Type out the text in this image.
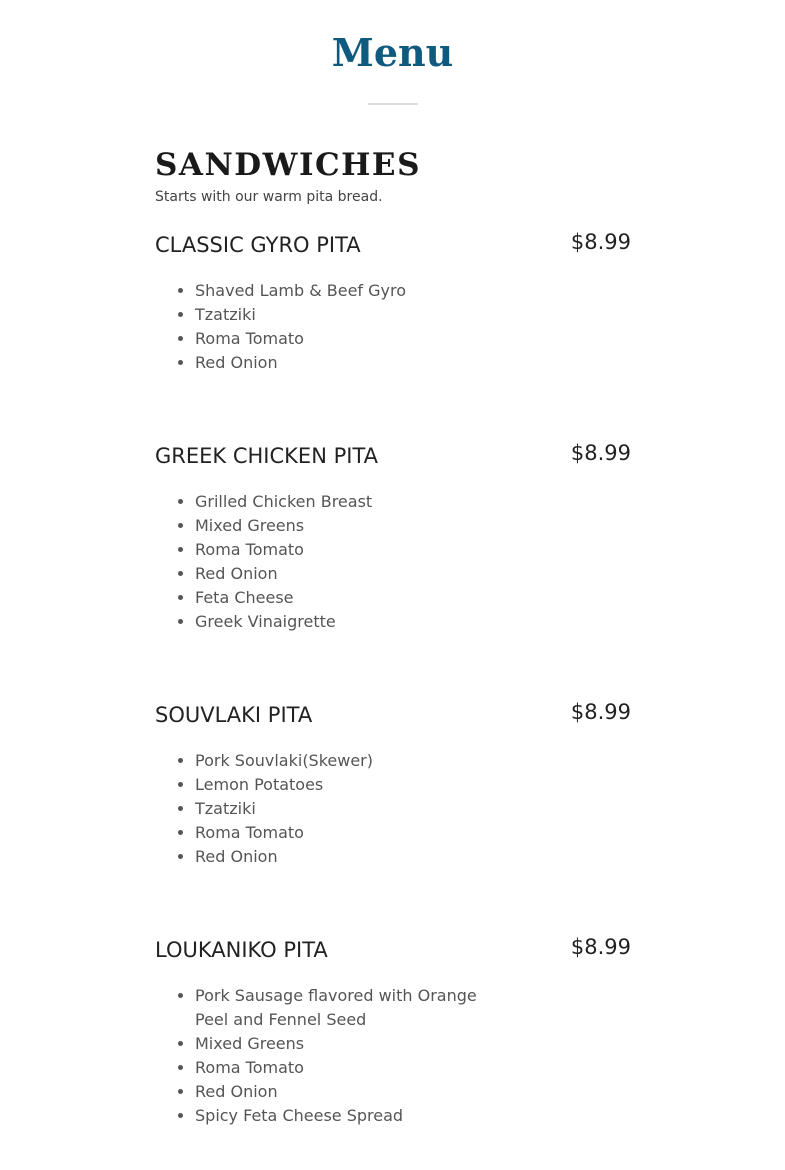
Menu
SANDWICHES

Starts with our warm pita bread.

CLASSIC GYRO PITA	$8.99
• Shaved Lamb & Beef Gyro
• Tzatziki
• Roma Tomato
• Red Onion
GREEK CHICKEN PITA	$8.99
• Grilled Chicken Breast
• Mixed Greens
• Roma Tomato
• Red Onion
• Feta Cheese
• Greek Vinaigrette
SOUVLAKI PITA	$8.99
• Pork Souvlaki(Skewer)
• Lemon Potatoes
• Tzatziki
• Roma Tomato
• Red Onion
LOUKANIKO PITA	$8.99
• Pork Sausage flavored with Orange Peel and Fennel Seed
• Mixed Greens
• Roma Tomato
• Red Onion
• Spicy Feta Cheese Spread
